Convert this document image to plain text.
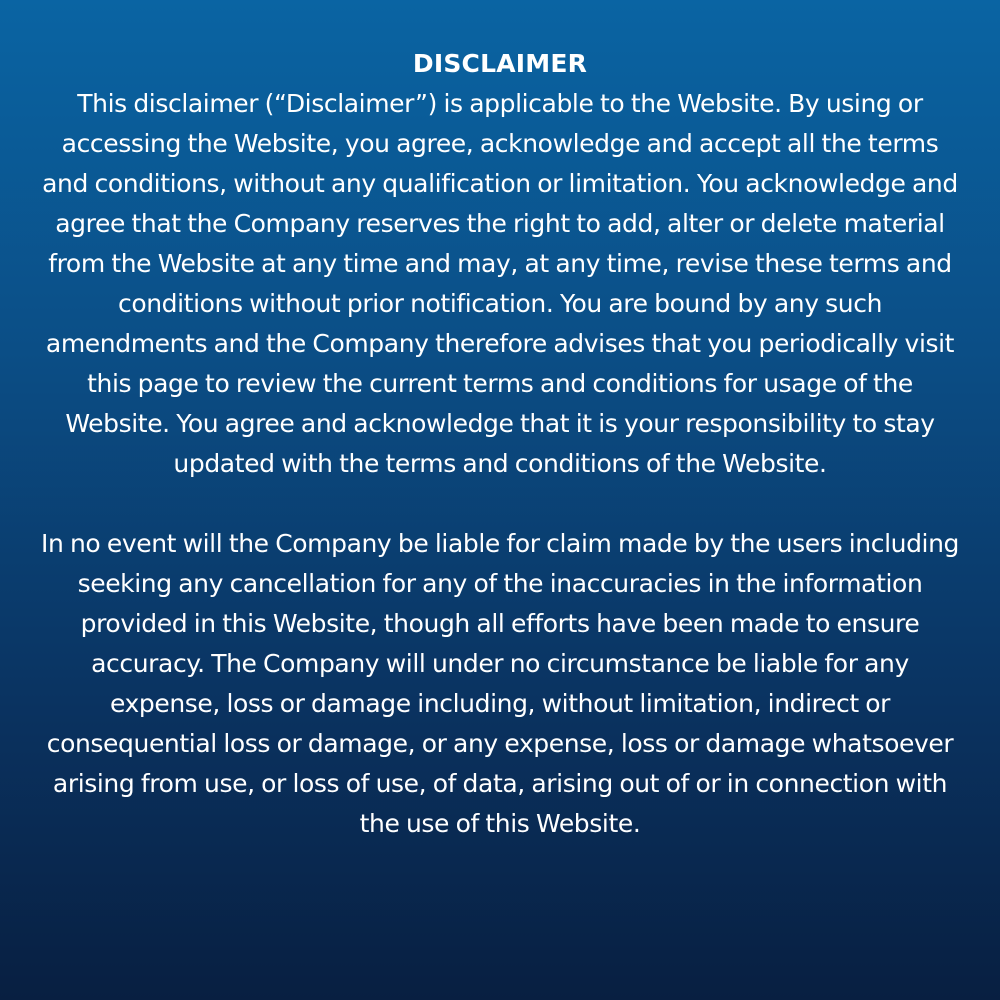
DISCLAIMER

This disclaimer (“Disclaimer”) is applicable to the Website. By using or accessing the Website, you agree, acknowledge and accept all the terms and conditions, without any qualification or limitation. You acknowledge and agree that the Company reserves the right to add, alter or delete material from the Website at any time and may, at any time, revise these terms and conditions without prior notification. You are bound by any such amendments and the Company therefore advises that you periodically visit this page to review the current terms and conditions for usage of the Website. You agree and acknowledge that it is your responsibility to stay updated with the terms and conditions of the Website.

In no event will the Company be liable for claim made by the users including seeking any cancellation for any of the inaccuracies in the information provided in this Website, though all efforts have been made to ensure accuracy. The Company will under no circumstance be liable for any expense, loss or damage including, without limitation, indirect or consequential loss or damage, or any expense, loss or damage whatsoever arising from use, or loss of use, of data, arising out of or in connection with the use of this Website.
